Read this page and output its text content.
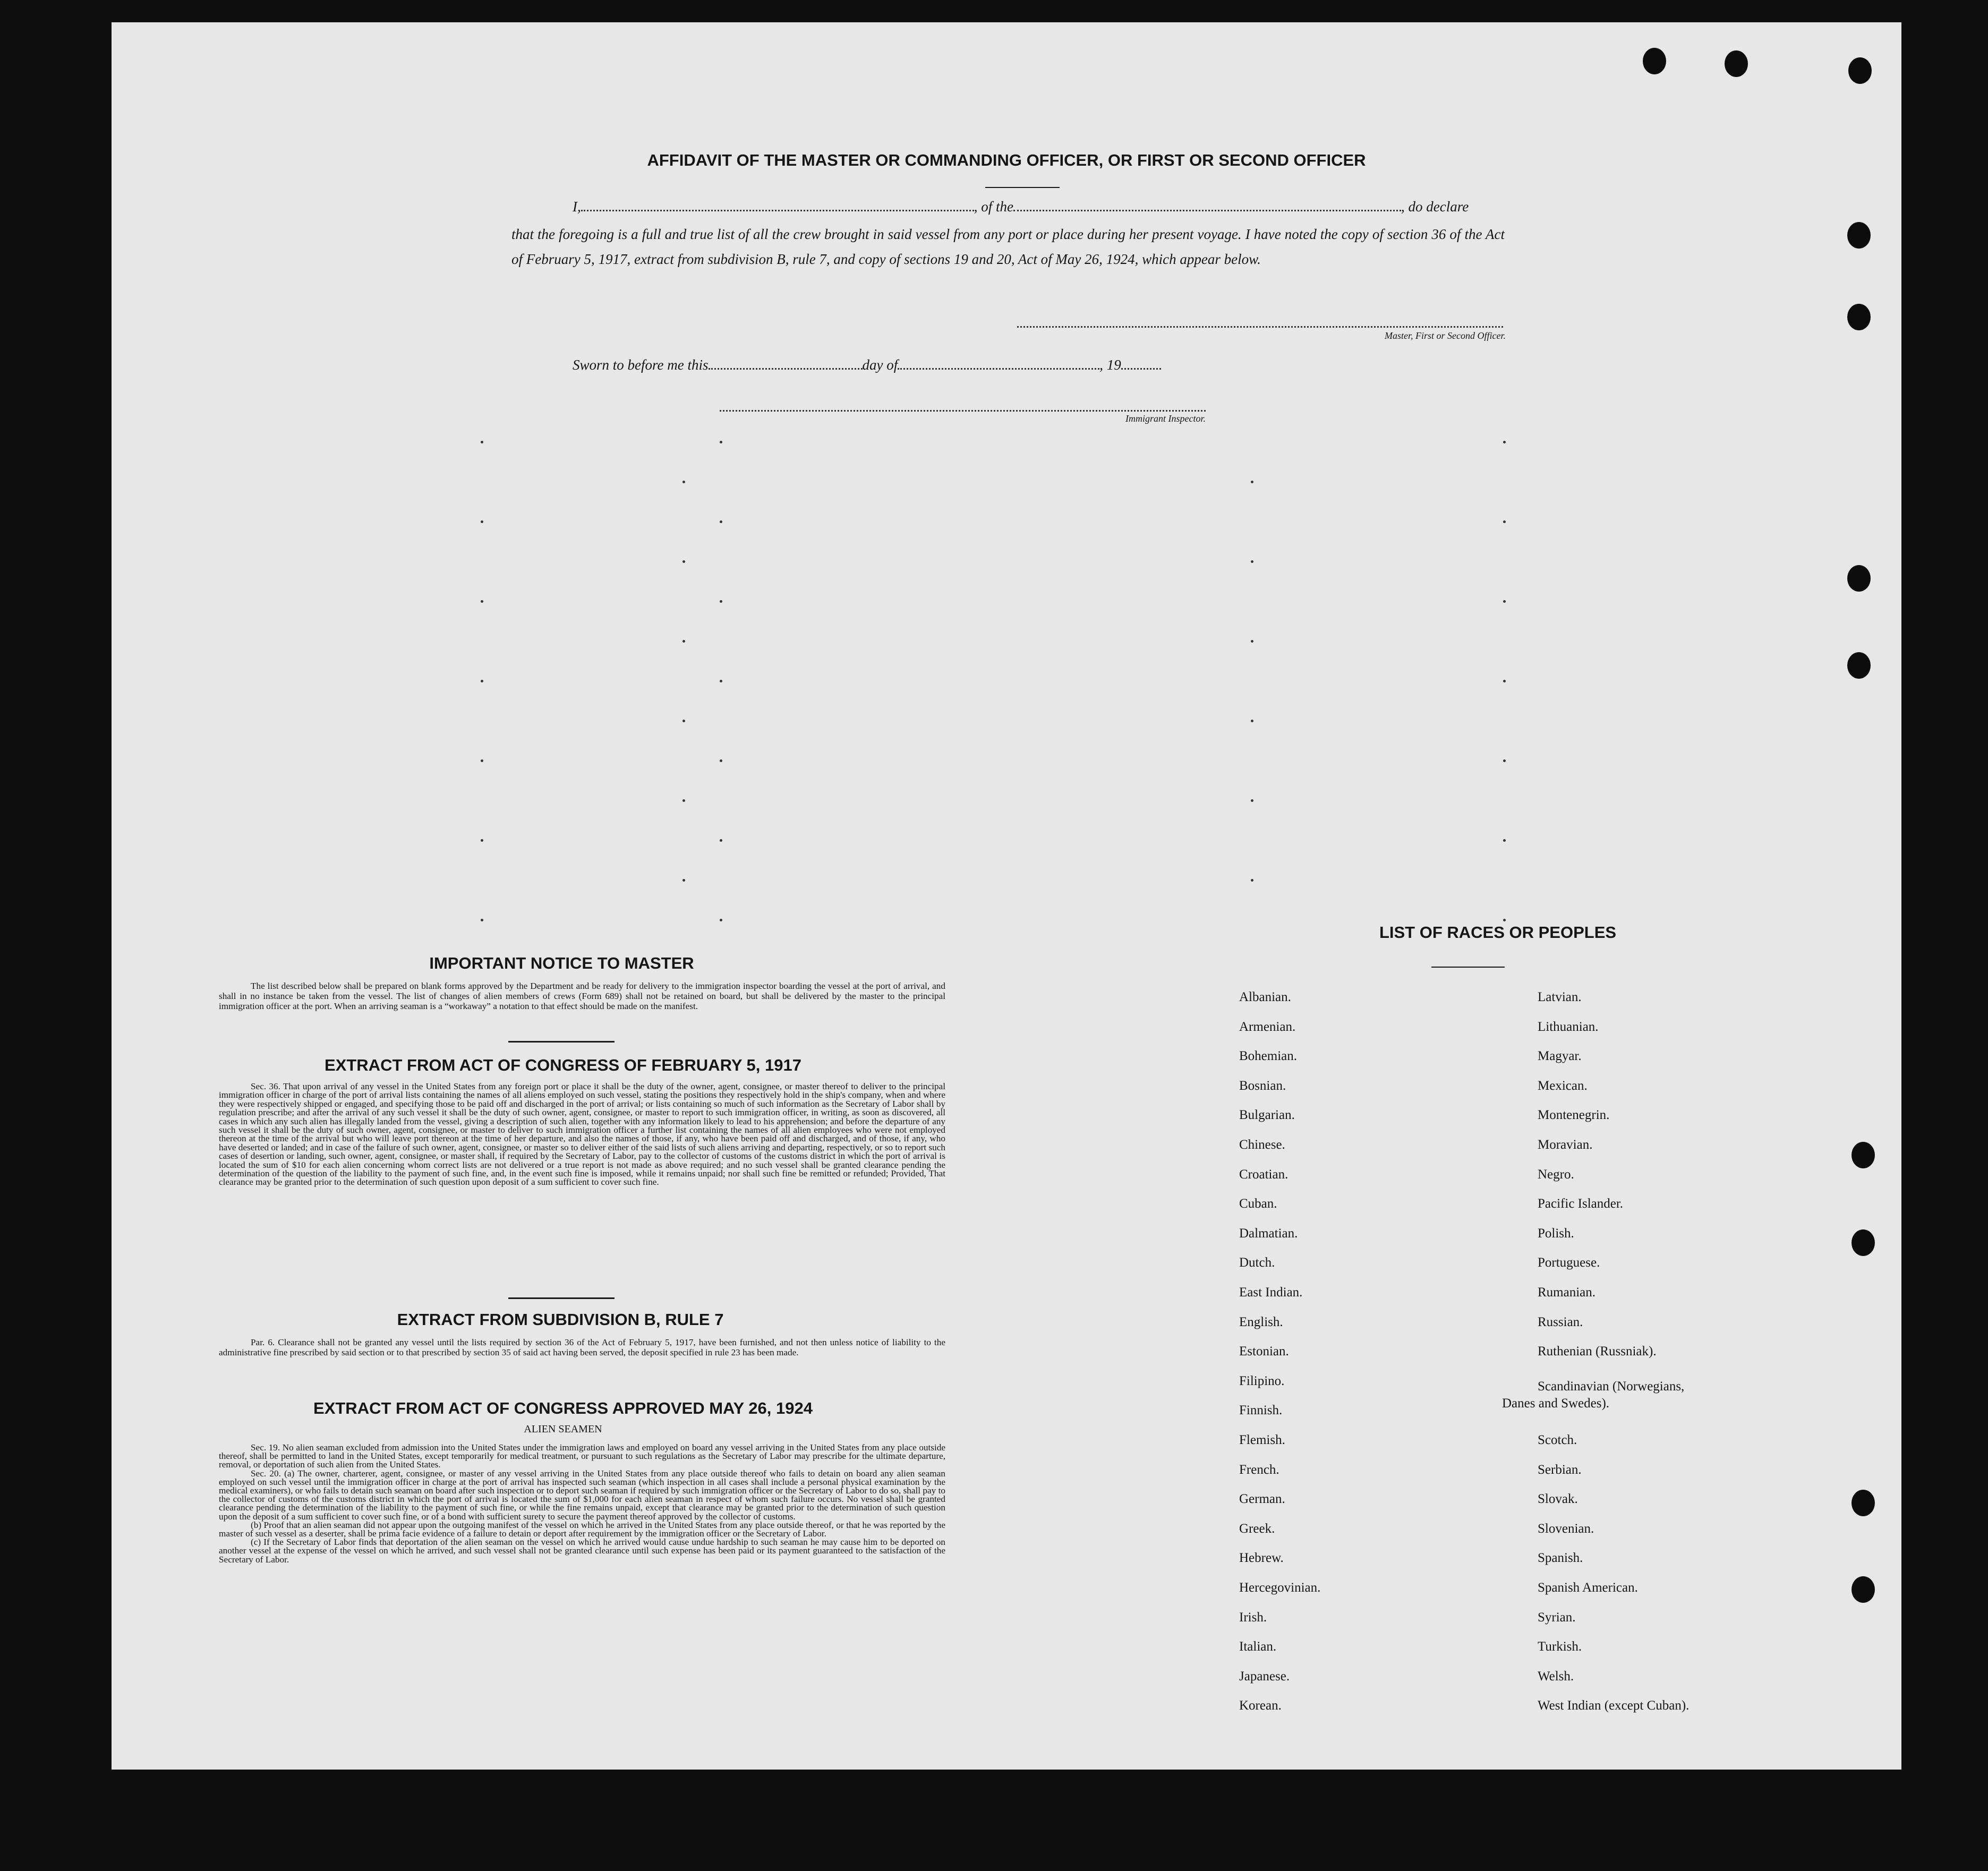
AFFIDAVIT OF THE MASTER OR COMMANDING OFFICER, OR FIRST OR SECOND OFFICER
I,	, of the	, do declare
that the foregoing is a full and true list of all the crew brought in said vessel from any port or place during her present voyage. I have noted the copy of section 36 of the Act of February 5, 1917, extract from subdivision B, rule 7, and copy of sections 19 and 20, Act of May 26, 1924, which appear below.
Master, First or Second Officer.
Sworn to before me this	day of	, 19
Immigrant Inspector.
IMPORTANT NOTICE TO MASTER

The list described below shall be prepared on blank forms approved by the Department and be ready for delivery to the immigration inspector boarding the vessel at the port of arrival, and shall in no instance be taken from the vessel. The list of changes of alien members of crews (Form 689) shall not be retained on board, but shall be delivered by the master to the principal immigration officer at the port. When an arriving seaman is a “workaway” a notation to that effect should be made on the manifest.

EXTRACT FROM ACT OF CONGRESS OF FEBRUARY 5, 1917

Sec. 36. That upon arrival of any vessel in the United States from any foreign port or place it shall be the duty of the owner, agent, consignee, or master thereof to deliver to the principal immigration officer in charge of the port of arrival lists containing the names of all aliens employed on such vessel, stating the positions they respectively hold in the ship's company, when and where they were respectively shipped or engaged, and specifying those to be paid off and discharged in the port of arrival; or lists containing so much of such information as the Secretary of Labor shall by regulation prescribe; and after the arrival of any such vessel it shall be the duty of such owner, agent, consignee, or master to report to such immigration officer, in writing, as soon as discovered, all cases in which any such alien has illegally landed from the vessel, giving a description of such alien, together with any information likely to lead to his apprehension; and before the departure of any such vessel it shall be the duty of such owner, agent, consignee, or master to deliver to such immigration officer a further list containing the names of all alien employees who were not employed thereon at the time of the arrival but who will leave port thereon at the time of her departure, and also the names of those, if any, who have been paid off and discharged, and of those, if any, who have deserted or landed; and in case of the failure of such owner, agent, consignee, or master so to deliver either of the said lists of such aliens arriving and departing, respectively, or so to report such cases of desertion or landing, such owner, agent, consignee, or master shall, if required by the Secretary of Labor, pay to the collector of customs of the customs district in which the port of arrival is located the sum of $10 for each alien concerning whom correct lists are not delivered or a true report is not made as above required; and no such vessel shall be granted clearance pending the determination of the question of the liability to the payment of such fine, and, in the event such fine is imposed, while it remains unpaid; nor shall such fine be remitted or refunded; Provided, That clearance may be granted prior to the determination of such question upon deposit of a sum sufficient to cover such fine.

EXTRACT FROM SUBDIVISION B, RULE 7

Par. 6. Clearance shall not be granted any vessel until the lists required by section 36 of the Act of February 5, 1917, have been furnished, and not then unless notice of liability to the administrative fine prescribed by said section or to that prescribed by section 35 of said act having been served, the deposit specified in rule 23 has been made.

EXTRACT FROM ACT OF CONGRESS APPROVED MAY 26, 1924
ALIEN SEAMEN

Sec. 19. No alien seaman excluded from admission into the United States under the immigration laws and employed on board any vessel arriving in the United States from any place outside thereof, shall be permitted to land in the United States, except temporarily for medical treatment, or pursuant to such regulations as the Secretary of Labor may prescribe for the ultimate departure, removal, or deportation of such alien from the United States.

Sec. 20. (a) The owner, charterer, agent, consignee, or master of any vessel arriving in the United States from any place outside thereof who fails to detain on board any alien seaman employed on such vessel until the immigration officer in charge at the port of arrival has inspected such seaman (which inspection in all cases shall include a personal physical examination by the medical examiners), or who fails to detain such seaman on board after such inspection or to deport such seaman if required by such immigration officer or the Secretary of Labor to do so, shall pay to the collector of customs of the customs district in which the port of arrival is located the sum of $1,000 for each alien seaman in respect of whom such failure occurs. No vessel shall be granted clearance pending the determination of the liability to the payment of such fine, or while the fine remains unpaid, except that clearance may be granted prior to the determination of such question upon the deposit of a sum sufficient to cover such fine, or of a bond with sufficient surety to secure the payment thereof approved by the collector of customs.

(b) Proof that an alien seaman did not appear upon the outgoing manifest of the vessel on which he arrived in the United States from any place outside thereof, or that he was reported by the master of such vessel as a deserter, shall be prima facie evidence of a failure to detain or deport after requirement by the immigration officer or the Secretary of Labor.

(c) If the Secretary of Labor finds that deportation of the alien seaman on the vessel on which he arrived would cause undue hardship to such seaman he may cause him to be deported on another vessel at the expense of the vessel on which he arrived, and such vessel shall not be granted clearance until such expense has been paid or its payment guaranteed to the satisfaction of the Secretary of Labor.

LIST OF RACES OR PEOPLES
Albanian.
Armenian.
Bohemian.
Bosnian.
Bulgarian.
Chinese.
Croatian.
Cuban.
Dalmatian.
Dutch.
East Indian.
English.
Estonian.
Filipino.
Finnish.
Flemish.
French.
German.
Greek.
Hebrew.
Hercegovinian.
Irish.
Italian.
Japanese.
Korean.
Latvian.
Lithuanian.
Magyar.
Mexican.
Montenegrin.
Moravian.
Negro.
Pacific Islander.
Polish.
Portuguese.
Rumanian.
Russian.
Ruthenian (Russniak).
Scandinavian (Norwegians,
Danes and Swedes).
Scotch.
Serbian.
Slovak.
Slovenian.
Spanish.
Spanish American.
Syrian.
Turkish.
Welsh.
West Indian (except Cuban).
